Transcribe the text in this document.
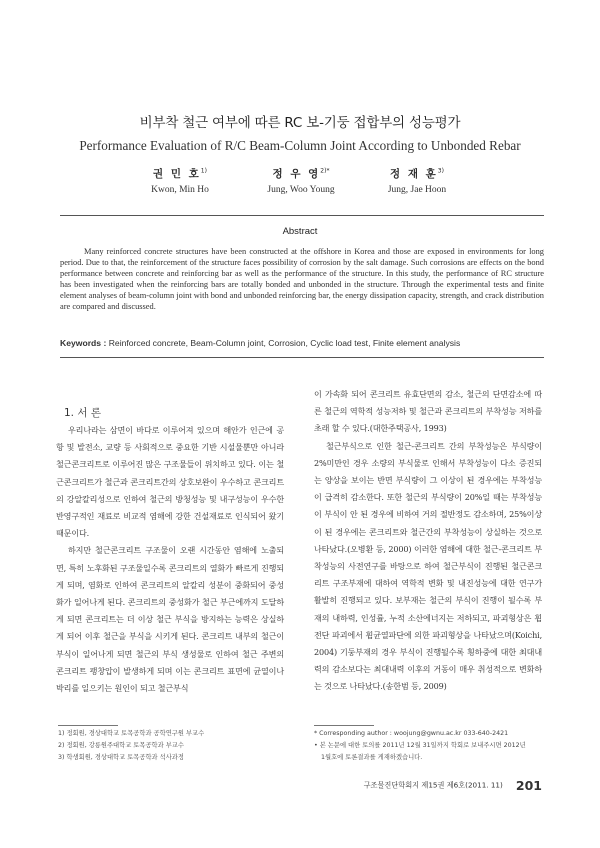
비부착 철근 여부에 따른 RC 보-기둥 접합부의 성능평가
Performance Evaluation of R/C Beam-Column Joint According to Unbonded Rebar
권 민 호$^{1)}$
Kwon, Min Ho
정 우 영$^{2)*}$
Jung, Woo Young
정 재 훈$^{3)}$
Jung, Jae Hoon
Abstract
Many reinforced concrete structures have been constructed at the offshore in Korea and those are exposed in environments for long period. Due to that, the reinforcement of the structure faces possibility of corrosion by the salt damage. Such corrosions are effects on the bond performance between concrete and reinforcing bar as well as the performance of the structure. In this study, the performance of RC structure has been investigated when the reinforcing bars are totally bonded and unbonded in the structure. Through the experimental tests and finite element analyses of beam-column joint with bond and unbonded reinforcing bar, the energy dissipation capacity, strength, and crack distribution are compared and discussed.
Keywords : Reinforced concrete, Beam-Column joint, Corrosion, Cyclic load test, Finite element analysis
1. 서 론

우리나라는 삼면이 바다로 이루어져 있으며 해안가 인근에 공항 및 발전소, 교량 등 사회적으로 중요한 기반 시설물뿐만 아니라 철근콘크리트로 이루어진 많은 구조물들이 위치하고 있다. 이는 철근콘크리트가 철근과 콘크리트간의 상호보완이 우수하고 콘크리트의 강알칼리성으로 인하여 철근의 방청성능 및 내구성능이 우수한 반영구적인 재료로 비교적 염해에 강한 건설재료로 인식되어 왔기 때문이다.

하지만 철근콘크리트 구조물이 오랜 시간동안 염해에 노출되면, 특히 노후화된 구조물일수록 콘크리트의 열화가 빠르게 진행되게 되며, 염화로 인하여 콘크리트의 알칼리 성분이 중화되어 중성화가 일어나게 된다. 콘크리트의 중성화가 철근 부근에까지 도달하게 되면 콘크리트는 더 이상 철근 부식을 방지하는 능력은 상실하게 되어 이후 철근을 부식을 시키게 된다. 콘크리트 내부의 철근이 부식이 일어나게 되면 철근의 부식 생성물로 인하여 철근 주변의 콘크리트 팽창압이 발생하게 되며 이는 콘크리트 표면에 균열이나 박리를 일으키는 원인이 되고 철근부식

이 가속화 되어 콘크리트 유효단면의 감소, 철근의 단면감소에 따른 철근의 역학적 성능저하 및 철근과 콘크리트의 부착성능 저하를 초래 할 수 있다.(대한주택공사, 1993)

철근부식으로 인한 철근-콘크리트 간의 부착성능은 부식량이 2%미만인 경우 소량의 부식물로 인해서 부착성능이 다소 증진되는 양상을 보이는 반면 부식량이 그 이상이 된 경우에는 부착성능이 급격히 감소한다. 또한 철근의 부식량이 20%일 때는 부착성능이 부식이 안 된 경우에 비하여 거의 절반정도 감소하며, 25%이상이 된 경우에는 콘크리트와 철근간의 부착성능이 상실하는 것으로 나타났다.(오병환 등, 2000) 이러한 염해에 대한 철근-콘크리트 부착성능의 사전연구를 바탕으로 하여 철근부식이 진행된 철근콘크리트 구조부재에 대하여 역학적 변화 및 내진성능에 대한 연구가 활발히 진행되고 있다. 보부재는 철근의 부식이 진행이 될수록 부재의 내하력, 인성률, 누적 소산에너지는 저하되고, 파괴형상은 휨전단 파괴에서 휨균열파단에 의한 파괴형상을 나타났으며(Koichi, 2004) 기둥부재의 경우 부식이 진행될수록 횡하중에 대한 최대내력의 감소보다는 최대내력 이후의 거동이 매우 취성적으로 변화하는 것으로 나타났다.(송한범 등, 2009)

1) 정회원, 경상대학교 토목공학과 공학연구원 부교수
2) 정회원, 강릉원주대학교 토목공학과 부교수
3) 학생회원, 경상대학교 토목공학과 석사과정
* Corresponding author : woojung@gwnu.ac.kr 033-640-2421
• 본 논문에 대한 토의를 2011년 12월 31일까지 학회로 보내주시면 2012년
1월호에 토론결과를 게재하겠습니다.
구조물진단학회지 제15권 제6호(2011. 11) 201
